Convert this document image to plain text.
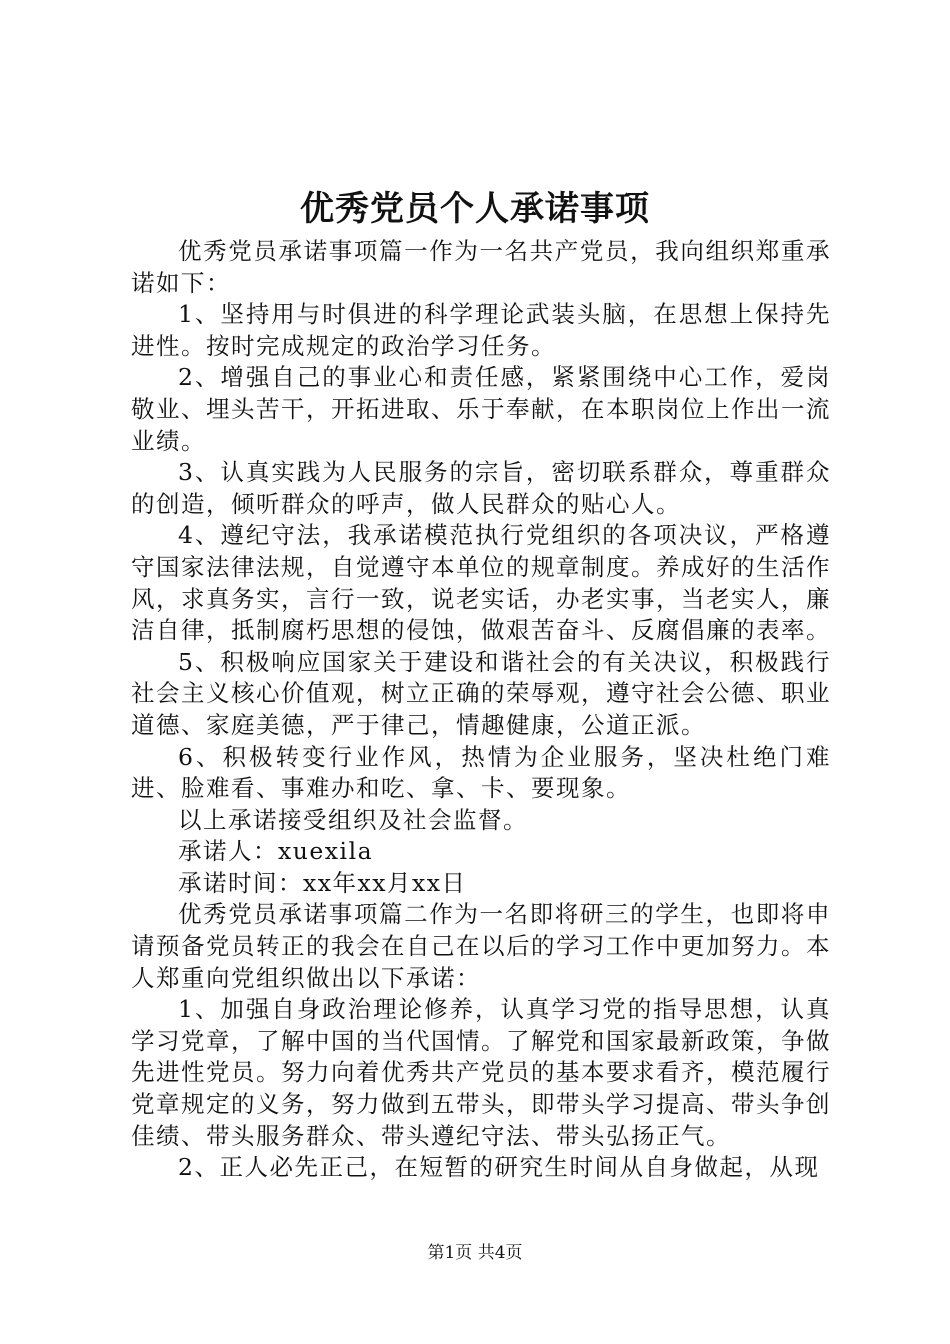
优秀党员个人承诺事项

优秀党员承诺事项篇一作为一名共产党员，我向组织郑重承诺如下：

1、坚持用与时俱进的科学理论武装头脑，在思想上保持先进性。按时完成规定的政治学习任务。

2、增强自己的事业心和责任感，紧紧围绕中心工作，爱岗敬业、埋头苦干，开拓进取、乐于奉献，在本职岗位上作出一流业绩。

3、认真实践为人民服务的宗旨，密切联系群众，尊重群众的创造，倾听群众的呼声，做人民群众的贴心人。

4、遵纪守法，我承诺模范执行党组织的各项决议，严格遵守国家法律法规，自觉遵守本单位的规章制度。养成好的生活作风，求真务实，言行一致，说老实话，办老实事，当老实人，廉洁自律，抵制腐朽思想的侵蚀，做艰苦奋斗、反腐倡廉的表率。

5、积极响应国家关于建设和谐社会的有关决议，积极践行社会主义核心价值观，树立正确的荣辱观，遵守社会公德、职业道德、家庭美德，严于律己，情趣健康，公道正派。

6、积极转变行业作风，热情为企业服务，坚决杜绝门难进、脸难看、事难办和吃、拿、卡、要现象。

以上承诺接受组织及社会监督。

承诺人：xuexila

承诺时间：xx年xx月xx日

优秀党员承诺事项篇二作为一名即将研三的学生，也即将申请预备党员转正的我会在自己在以后的学习工作中更加努力。本人郑重向党组织做出以下承诺：

1、加强自身政治理论修养，认真学习党的指导思想，认真学习党章，了解中国的当代国情。了解党和国家最新政策，争做先进性党员。努力向着优秀共产党员的基本要求看齐，模范履行党章规定的义务，努力做到五带头，即带头学习提高、带头争创佳绩、带头服务群众、带头遵纪守法、带头弘扬正气。

2、正人必先正己，在短暂的研究生时间从自身做起，从现

第1页 共4页
